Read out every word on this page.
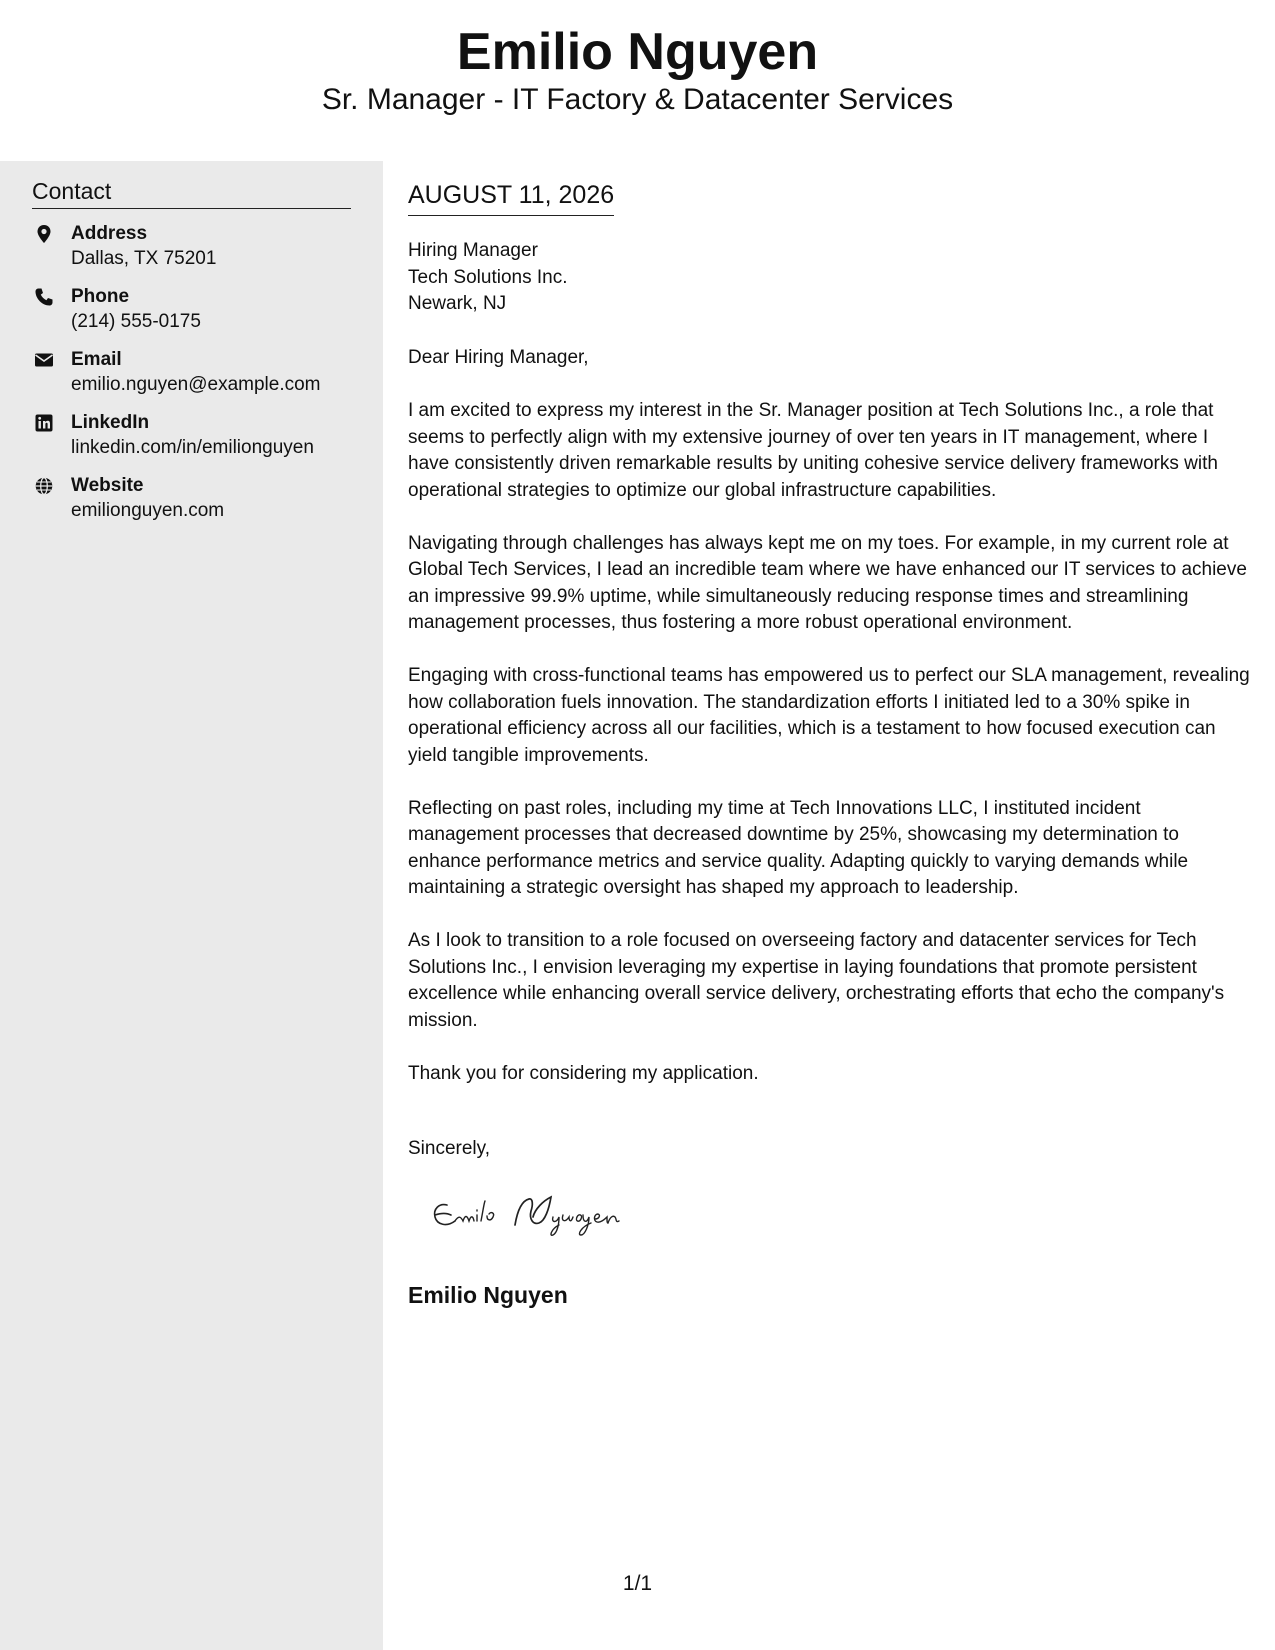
Emilio Nguyen
Sr. Manager - IT Factory & Datacenter Services
Contact
Address
Dallas, TX 75201
Phone
(214) 555-0175
Email
emilio.nguyen@example.com
LinkedIn
linkedin.com/in/emilionguyen
Website
emilionguyen.com
AUGUST 11, 2026
Hiring Manager
Tech Solutions Inc.
Newark, NJ
Dear Hiring Manager,

I am excited to express my interest in the Sr. Manager position at Tech Solutions Inc., a role that seems to perfectly align with my extensive journey of over ten years in IT management, where I have consistently driven remarkable results by uniting cohesive service delivery frameworks with operational strategies to optimize our global infrastructure capabilities.

Navigating through challenges has always kept me on my toes. For example, in my current role at Global Tech Services, I lead an incredible team where we have enhanced our IT services to achieve an impressive 99.9% uptime, while simultaneously reducing response times and streamlining management processes, thus fostering a more robust operational environment.

Engaging with cross-functional teams has empowered us to perfect our SLA management, revealing how collaboration fuels innovation. The standardization efforts I initiated led to a 30% spike in operational efficiency across all our facilities, which is a testament to how focused execution can yield tangible improvements.

Reflecting on past roles, including my time at Tech Innovations LLC, I instituted incident management processes that decreased downtime by 25%, showcasing my determination to enhance performance metrics and service quality. Adapting quickly to varying demands while maintaining a strategic oversight has shaped my approach to leadership.

As I look to transition to a role focused on overseeing factory and datacenter services for Tech Solutions Inc., I envision leveraging my expertise in laying foundations that promote persistent excellence while enhancing overall service delivery, orchestrating efforts that echo the company's mission.

Thank you for considering my application.

Sincerely,
Emilio Nguyen
1/1
